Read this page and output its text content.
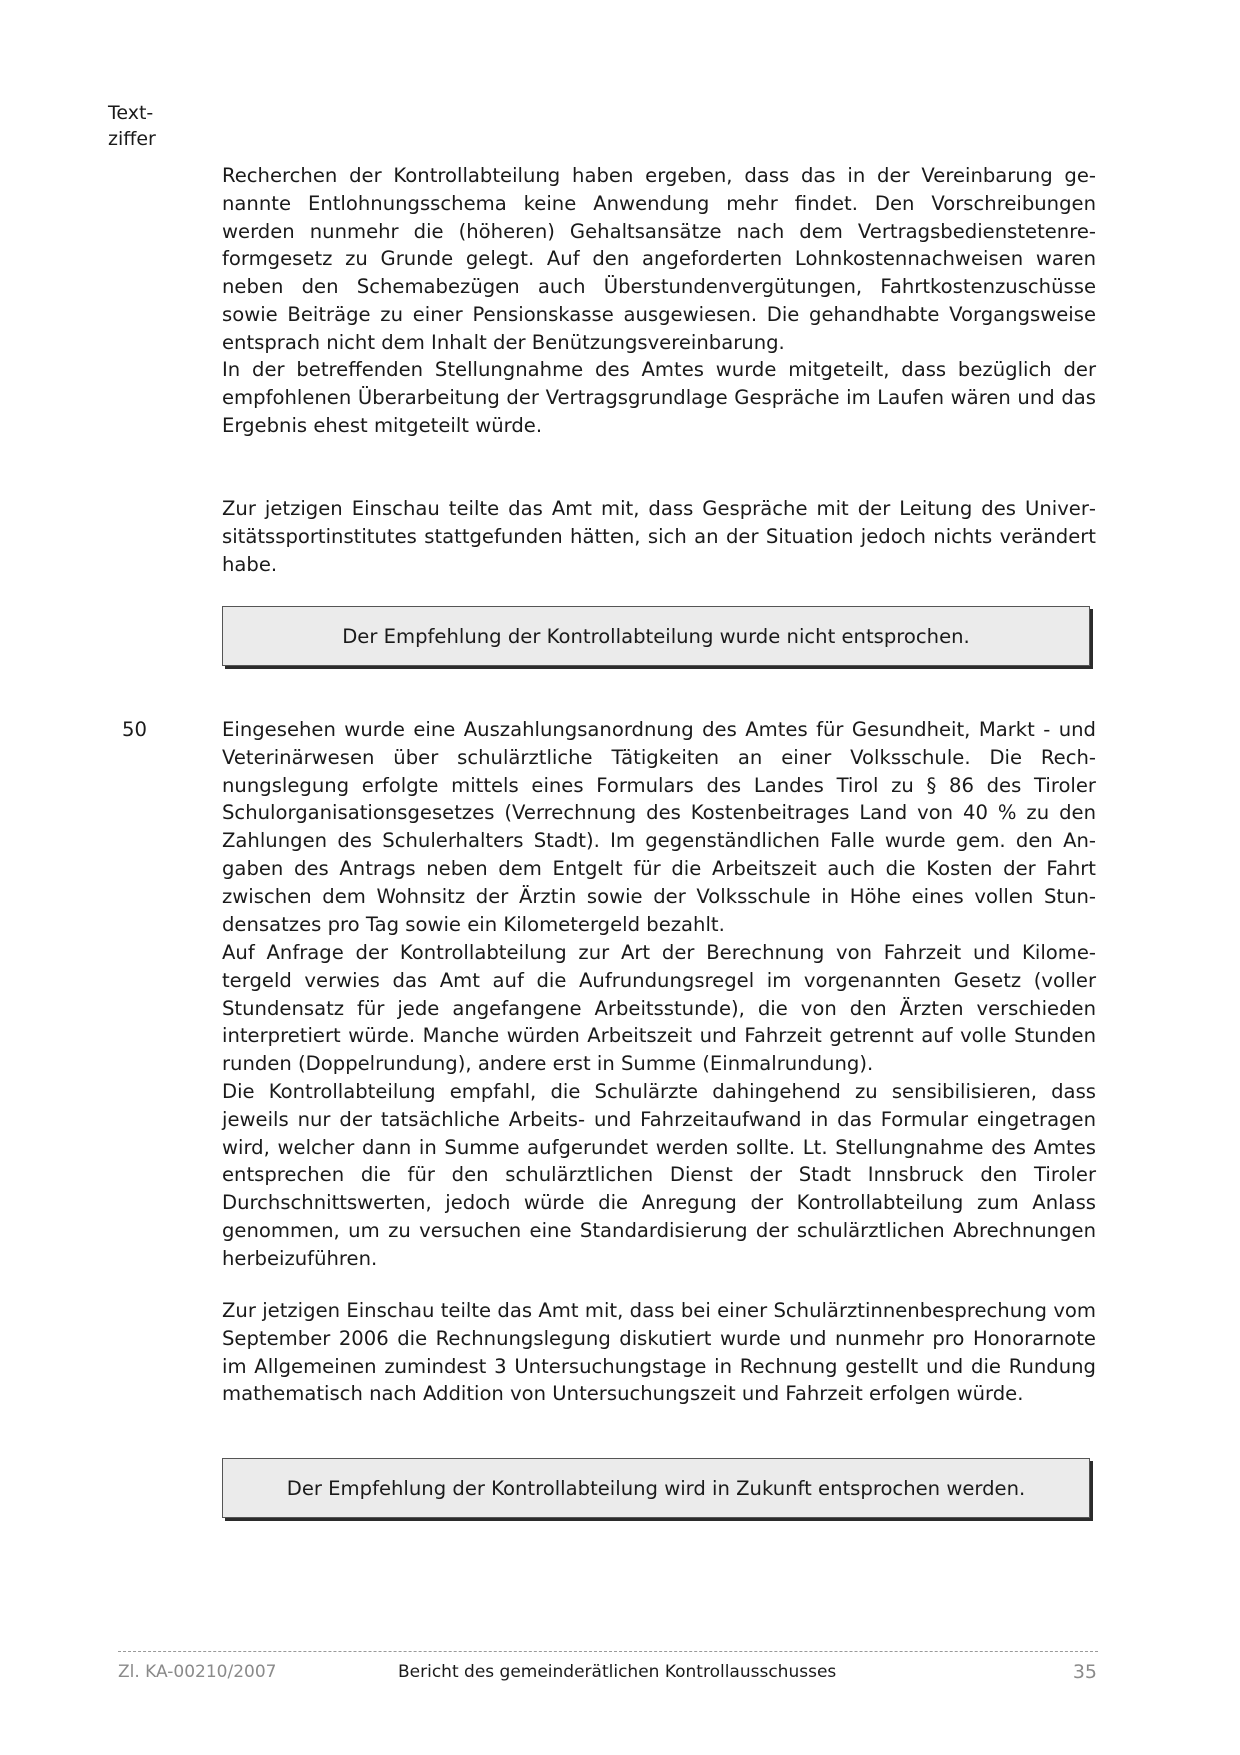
Text-
ziffer

Recherchen der Kontrollabteilung haben ergeben, dass das in der Vereinbarung genannte Entlohnungsschema keine Anwendung mehr findet. Den Vorschreibungen werden nunmehr die (höheren) Gehaltsansätze nach dem Vertragsbedienstetenreformgesetz zu Grunde gelegt. Auf den angeforderten Lohnkostennachweisen waren neben den Schemabezügen auch Überstundenvergütungen, Fahrtkostenzuschüsse sowie Beiträge zu einer Pensionskasse ausgewiesen. Die gehandhabte Vorgangsweise entsprach nicht dem Inhalt der Benützungsvereinbarung.

In der betreffenden Stellungnahme des Amtes wurde mitgeteilt, dass bezüglich der empfohlenen Überarbeitung der Vertragsgrundlage Gespräche im Laufen wären und das Ergebnis ehest mitgeteilt würde.

Zur jetzigen Einschau teilte das Amt mit, dass Gespräche mit der Leitung des Universitätssportinstitutes stattgefunden hätten, sich an der Situation jedoch nichts verändert habe.

Der Empfehlung der Kontrollabteilung wurde nicht entsprochen.
50	Eingesehen wurde eine Auszahlungsanordnung des Amtes für Gesundheit, Markt - und Veterinärwesen über schulärztliche Tätigkeiten an einer Volksschule. Die Rechnungslegung erfolgte mittels eines Formulars des Landes Tirol zu § 86 des Tiroler Schulorganisationsgesetzes (Verrechnung des Kostenbeitrages Land von 40 % zu den Zahlungen des Schulerhalters Stadt). Im gegenständlichen Falle wurde gem. den Angaben des Antrags neben dem Entgelt für die Arbeitszeit auch die Kosten der Fahrt zwischen dem Wohnsitz der Ärztin sowie der Volksschule in Höhe eines vollen Stundensatzes pro Tag sowie ein Kilometergeld bezahlt.

Auf Anfrage der Kontrollabteilung zur Art der Berechnung von Fahrzeit und Kilometergeld verwies das Amt auf die Aufrundungsregel im vorgenannten Gesetz (voller Stundensatz für jede angefangene Arbeitsstunde), die von den Ärzten verschieden interpretiert würde. Manche würden Arbeitszeit und Fahrzeit getrennt auf volle Stunden runden (Doppelrundung), andere erst in Summe (Einmalrundung).

Die Kontrollabteilung empfahl, die Schulärzte dahingehend zu sensibilisieren, dass jeweils nur der tatsächliche Arbeits- und Fahrzeitaufwand in das Formular eingetragen wird, welcher dann in Summe aufgerundet werden sollte. Lt. Stellungnahme des Amtes entsprechen die für den schulärztlichen Dienst der Stadt Innsbruck den Tiroler Durchschnittswerten, jedoch würde die Anregung der Kontrollabteilung zum Anlass genommen, um zu versuchen eine Standardisierung der schulärztlichen Abrechnungen herbeizuführen.

Zur jetzigen Einschau teilte das Amt mit, dass bei einer Schulärztinnenbesprechung vom September 2006 die Rechnungslegung diskutiert wurde und nunmehr pro Honorarnote im Allgemeinen zumindest 3 Untersuchungstage in Rechnung gestellt und die Rundung mathematisch nach Addition von Untersuchungszeit und Fahrzeit erfolgen würde.

Der Empfehlung der Kontrollabteilung wird in Zukunft entsprochen werden.
Zl. KA-00210/2007	Bericht des gemeinderätlichen Kontrollausschusses	35
